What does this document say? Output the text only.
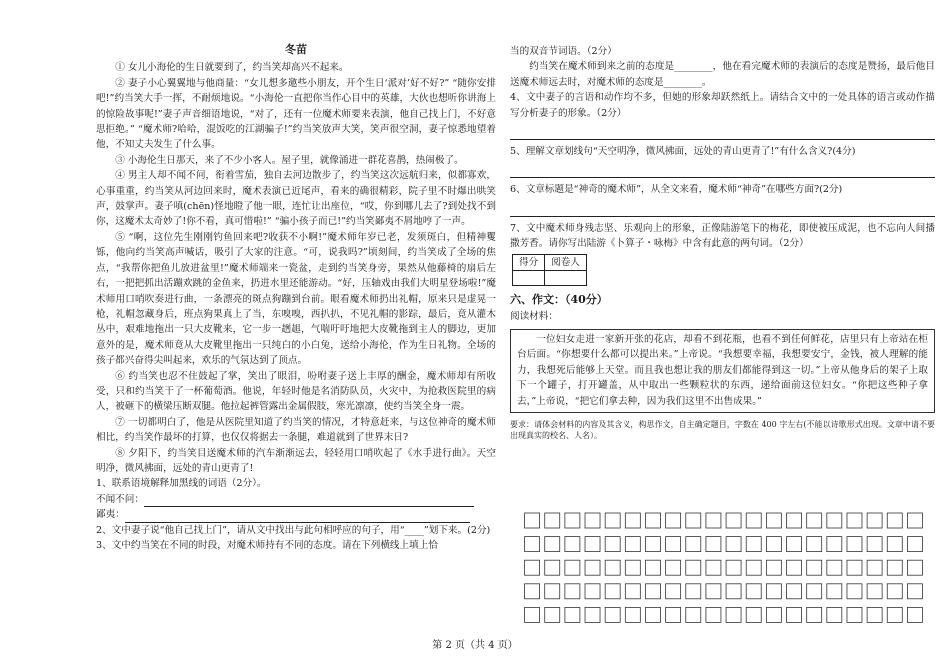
冬苗

① 女儿小海伦的生日就要到了，约当笑却高兴不起来。

② 妻子小心翼翼地与他商量：“女儿想多邀些小朋友，开个生日‘派对’好不好?” “随你安排吧!”约当笑大手一挥，不耐烦地说。“小海伦一直把你当作心目中的英雄，大伙也想听你讲海上的惊险故事呢!”妻子声音细语地说，“对了，还有一位魔术师要来表演，他自己找上门，不好意思拒绝。” “魔术师?哈哈，混饭吃的江湖骗子!”约当笑放声大笑，笑声很空洞，妻子惊悉地望着他，不知丈夫发生了什么事。

③ 小海伦生日那天，来了不少小客人。屋子里，就像涌进一群花喜鹊，热闹极了。

④ 男主人却不闻不问，衔着雪茄，独自去河边散步了，约当笑这次远航归来，似都寡欢，心事重重，约当笑从河边回来时，魔术表演已近尾声，看来的确很精彩，院子里不时爆出哄笑声，鼓掌声。妻子嗔(chēn)怪地瞪了他一眼，连忙让出座位，“哎，你到哪儿去了?到处找不到你，这魔术太奇妙了!你不看，真可惜啦!” “骗小孩子而已!”约当笑鄙夷不屑地哼了一声。

⑤ “啊，这位先生刚刚钓鱼回来吧?收获不小啊!”魔术师年岁已老，发须斑白，但精神矍铄，他向约当笑高声喊话，吸引了大家的注意。“可，说我吗?”顷刻间，约当笑成了全场的焦点，“我帮你把鱼儿放进盆里!”魔术师端来一瓷盆，走到约当笑身旁，果然从他藤椅的扇后左右，一把把抓出活蹦欢跳的金鱼来，扔进水里还能游动。“好，压轴戏由我们大明星登场啦!”魔术师用口哨吹奏进行曲，一条漂亮的斑点狗蹦到台前。眼看魔术师扔出礼帽，原来只是虚晃一枪，礼帽忽藏身后，班点狗果真上了当，东嗅嗅，西扒扒，不见礼帽的影踪，最后，竟从灌木丛中，艰难地拖出一只大皮靴来，它一步一趔趄，气喘吁吁地把大皮靴拖到主人的脚边，更加意外的是，魔术师竟从大皮靴里拖出一只纯白的小白兔，送给小海伦，作为生日礼物。全场的孩子都兴奋得尖叫起来，欢乐的气氛达到了顶点。

⑥ 约当笑也忍不住鼓起了掌，笑出了眼泪，吩咐妻子送上丰厚的酬金，魔术师却有所收受，只和约当笑干了一杯葡萄酒。他说，年轻时他是名消防队员，火灾中，为抢救医院里的病人，被砸下的横梁压断双腿。他拉起裤管露出金属假肢，寒光凛凛，使约当笑全身一震。

⑦ 一切都明白了，他是从医院里知道了约当笑的情况，才特意赶来，与这位神奇的魔术师相比，约当笑作最坏的打算，也仅仅将据去一条腿，难道就到了世界末日?

⑧ 夕阳下，约当笑目送魔术师的汽车渐渐远去，轻轻用口哨吹起了《水手进行曲》。天空明净，微风拂面，远处的青山更青了!

1、联系语境解释加黑线的词语（2分）。

不闻不问：

鄙夷：

2、文中妻子说“他自己找上门”，请从文中找出与此句相呼应的句子，用“____”划下来。(2分)

3、文中约当笑在不同的时段，对魔术师持有不同的态度。请在下列横线上填上恰

当的双音节词语。（2分）

约当笑在魔术师到来之前的态度是________，他在看完魔术师的表演后的态度是赞扬，最后他目送魔术师远去时，对魔术师的态度是________。

4、文中妻子的言语和动作均不多，但她的形象却跃然纸上。请结合文中的一处具体的语言或动作描写分析妻子的形象。（2分）

5、理解文章划线句“天空明净，微风拂面，远处的青山更青了!”有什么含义?(4分)

6、文章标题是“神奇的魔术师”，从全文来看，魔术师“神奇”在哪些方面?(2分)

7、文中魔术师身残志坚、乐观向上的形象，正像陆游笔下的梅花，即使被压成泥，也不忘向人间播撒芳香。请你写出陆游《卜算子・咏梅》中含有此意的两句词。（2分）

得分	阅卷人

六、作文：（40分）

阅读材料：

一位妇女走进一家新开张的花店，却看不到花瓶，也看不到任何鲜花，店里只有上帝站在柜台后面。“你想要什么都可以提出来。”上帝说。“我想要幸福，我想要安宁，金钱，被人理解的能力，我想死后能够上天堂。而且我也想让我的朋友们都能得到这一切。”上帝从他身后的架子上取下一个罐子，打开罐盖，从中取出一些颗粒状的东西，递给面前这位妇女。“你把这些种子拿去，”上帝说，“把它们拿去种，因为我们这里不出售成果。”

要求：请体会材料的内容及其含义，构思作文，自主确定题目，字数在 400 字左右(不能以诗歌形式出现。文章中请不要出现真实的校名、人名）。

第 2 页（共 4 页）
